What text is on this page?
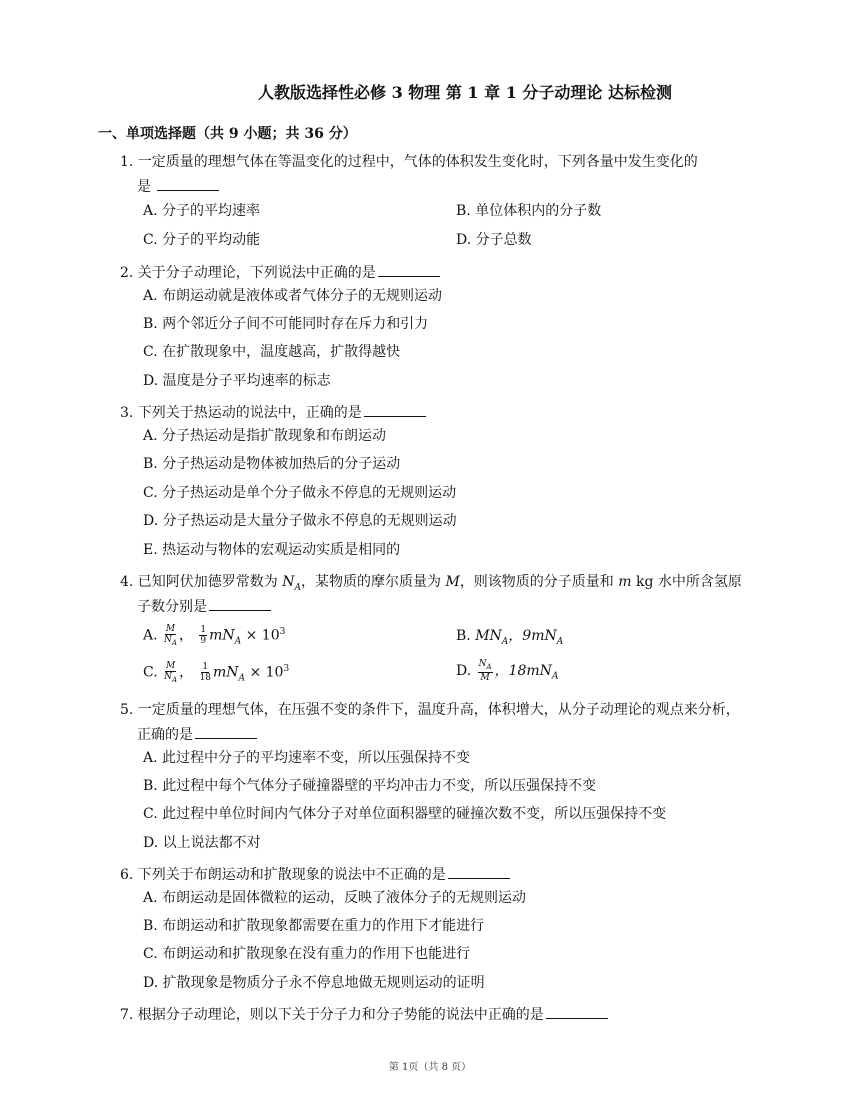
人教版选择性必修 3 物理 第 1 章 1 分子动理论 达标检测
一、单项选择题（共 9 小题；共 36 分）
1. 一定质量的理想气体在等温变化的过程中，气体的体积发生变化时，下列各量中发生变化的
是
A. 分子的平均速率	B. 单位体积内的分子数
C. 分子的平均动能	D. 分子总数
2. 关于分子动理论，下列说法中正确的是
A. 布朗运动就是液体或者气体分子的无规则运动
B. 两个邻近分子间不可能同时存在斥力和引力
C. 在扩散现象中，温度越高，扩散得越快
D. 温度是分子平均速率的标志
3. 下列关于热运动的说法中，正确的是
A. 分子热运动是指扩散现象和布朗运动
B. 分子热运动是物体被加热后的分子运动
C. 分子热运动是单个分子做永不停息的无规则运动
D. 分子热运动是大量分子做永不停息的无规则运动
E. 热运动与物体的宏观运动实质是相同的
4. 已知阿伏加德罗常数为 $N_A$，某物质的摩尔质量为 M，则该物质的分子质量和 m kg 水中所含氢原
子数分别是
A. $\frac{M}{N_A}$ ， $\frac{1}{9} mN_A \times 10^3$	B. $MN_A$，$9mN_A$
C. $\frac{M}{N_A}$ ， $\frac{1}{18} mN_A \times 10^3$	D. $\frac{N_A}{M}$ ，$18mN_A$
5. 一定质量的理想气体，在压强不变的条件下，温度升高，体积增大，从分子动理论的观点来分析，
正确的是
A. 此过程中分子的平均速率不变，所以压强保持不变
B. 此过程中每个气体分子碰撞器壁的平均冲击力不变，所以压强保持不变
C. 此过程中单位时间内气体分子对单位面积器壁的碰撞次数不变，所以压强保持不变
D. 以上说法都不对
6. 下列关于布朗运动和扩散现象的说法中不正确的是
A. 布朗运动是固体微粒的运动，反映了液体分子的无规则运动
B. 布朗运动和扩散现象都需要在重力的作用下才能进行
C. 布朗运动和扩散现象在没有重力的作用下也能进行
D. 扩散现象是物质分子永不停息地做无规则运动的证明
7. 根据分子动理论，则以下关于分子力和分子势能的说法中正确的是
第 1页（共 8 页）
